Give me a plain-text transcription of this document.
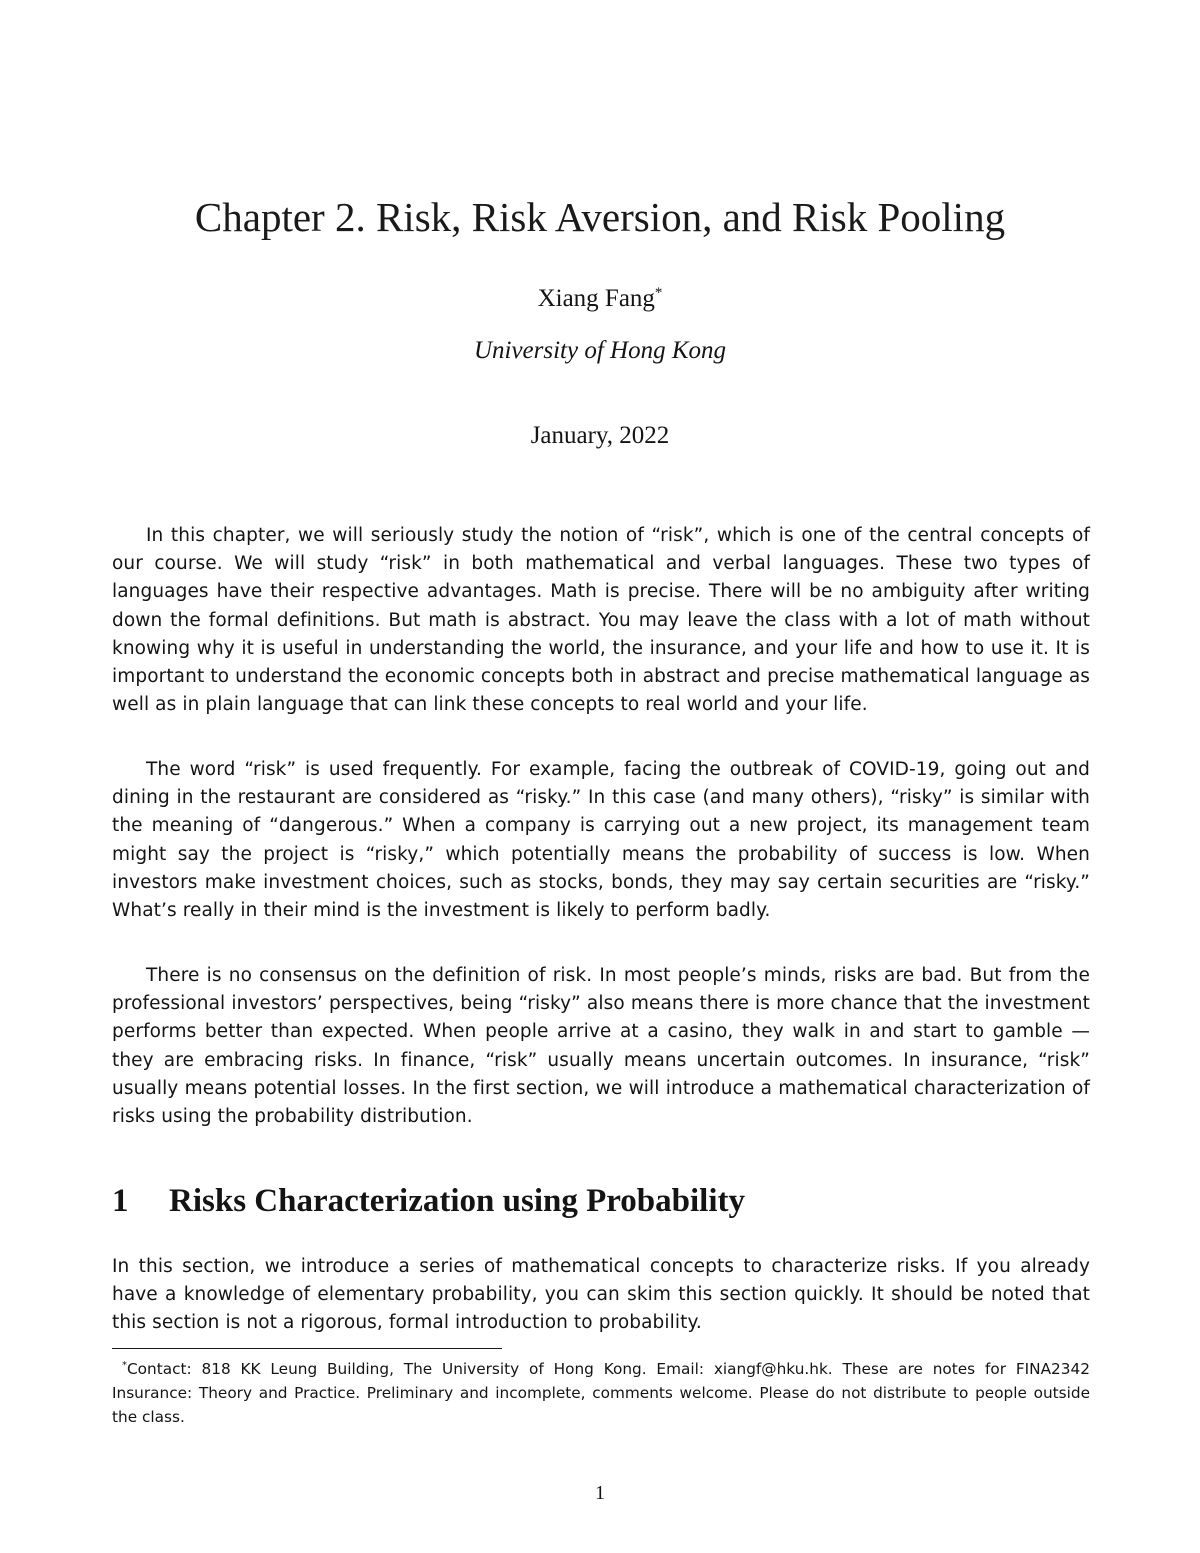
Chapter 2. Risk, Risk Aversion, and Risk Pooling
Xiang Fang*
University of Hong Kong
January, 2022

In this chapter, we will seriously study the notion of “risk”, which is one of the central concepts of our course. We will study “risk” in both mathematical and verbal languages. These two types of languages have their respective advantages. Math is precise. There will be no ambiguity after writing down the formal definitions. But math is abstract. You may leave the class with a lot of math without knowing why it is useful in understanding the world, the insurance, and your life and how to use it. It is important to understand the economic concepts both in abstract and precise mathematical language as well as in plain language that can link these concepts to real world and your life.

The word “risk” is used frequently. For example, facing the outbreak of COVID-19, going out and dining in the restaurant are considered as “risky.” In this case (and many others), “risky” is similar with the meaning of “dangerous.” When a company is carrying out a new project, its management team might say the project is “risky,” which potentially means the probability of success is low. When investors make investment choices, such as stocks, bonds, they may say certain securities are “risky.” What’s really in their mind is the investment is likely to perform badly.

There is no consensus on the definition of risk. In most people’s minds, risks are bad. But from the professional investors’ perspectives, being “risky” also means there is more chance that the investment performs better than expected. When people arrive at a casino, they walk in and start to gamble — they are embracing risks. In finance, “risk” usually means uncertain outcomes. In insurance, “risk” usually means potential losses. In the first section, we will introduce a mathematical characterization of risks using the probability distribution.

1 Risks Characterization using Probability

In this section, we introduce a series of mathematical concepts to characterize risks. If you already have a knowledge of elementary probability, you can skim this section quickly. It should be noted that this section is not a rigorous, formal introduction to probability.

*Contact: 818 KK Leung Building, The University of Hong Kong. Email: xiangf@hku.hk. These are notes for FINA2342 Insurance: Theory and Practice. Preliminary and incomplete, comments welcome. Please do not distribute to people outside the class.

1
